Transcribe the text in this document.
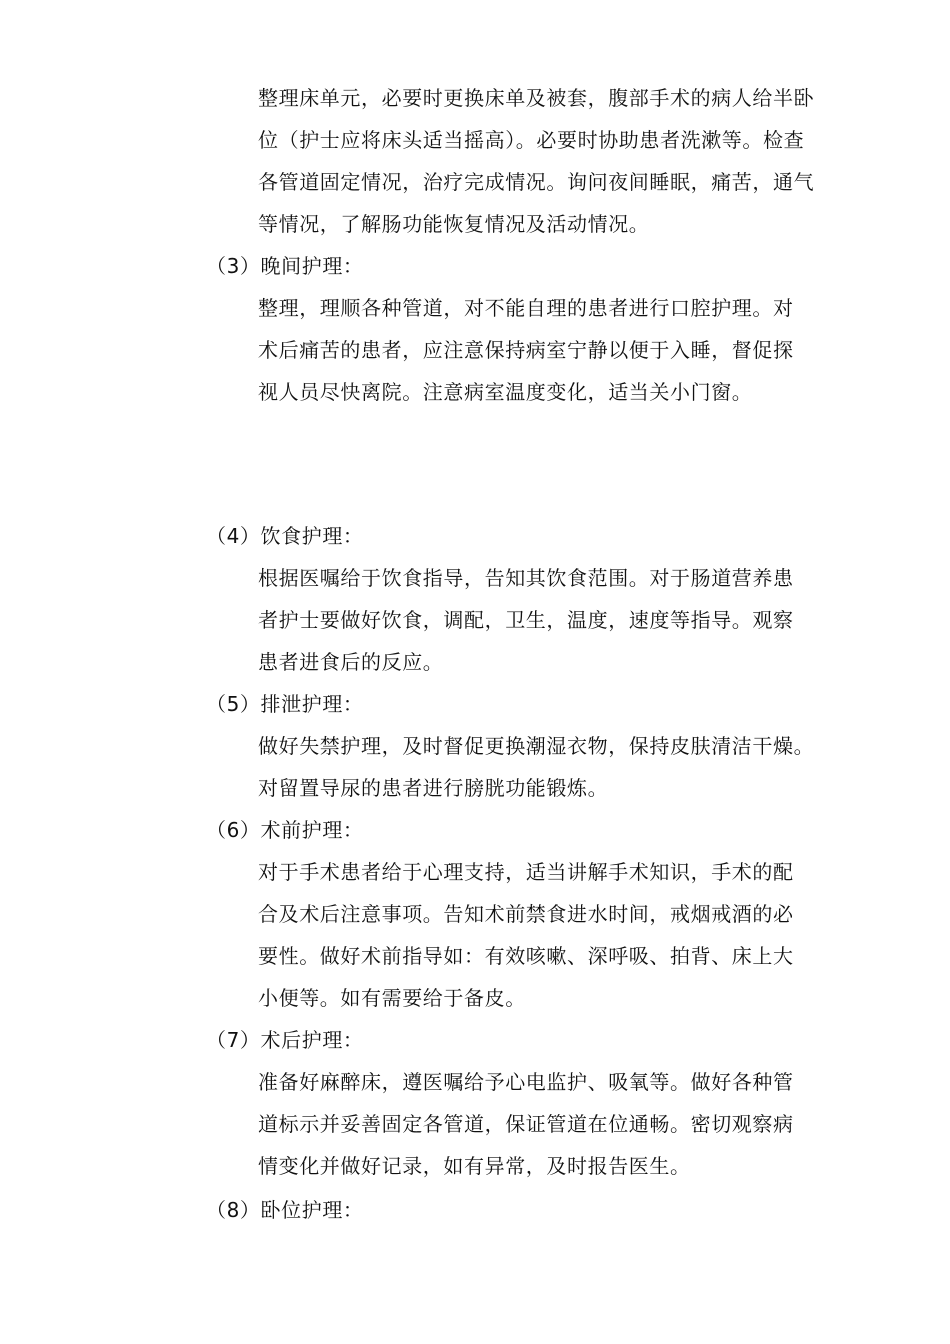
整理床单元，必要时更换床单及被套，腹部手术的病人给半卧
位（护士应将床头适当摇高）。必要时协助患者洗漱等。检查
各管道固定情况，治疗完成情况。询问夜间睡眠，痛苦，通气
等情况，了解肠功能恢复情况及活动情况。
（3）晚间护理：
整理，理顺各种管道，对不能自理的患者进行口腔护理。对
术后痛苦的患者，应注意保持病室宁静以便于入睡，督促探
视人员尽快离院。注意病室温度变化，适当关小门窗。
（4）饮食护理：
根据医嘱给于饮食指导，告知其饮食范围。对于肠道营养患
者护士要做好饮食，调配，卫生，温度，速度等指导。观察
患者进食后的反应。
（5）排泄护理：
做好失禁护理，及时督促更换潮湿衣物，保持皮肤清洁干燥。
对留置导尿的患者进行膀胱功能锻炼。
（6）术前护理：
对于手术患者给于心理支持，适当讲解手术知识，手术的配
合及术后注意事项。告知术前禁食进水时间，戒烟戒酒的必
要性。做好术前指导如：有效咳嗽、深呼吸、拍背、床上大
小便等。如有需要给于备皮。
（7）术后护理：
准备好麻醉床，遵医嘱给予心电监护、吸氧等。做好各种管
道标示并妥善固定各管道，保证管道在位通畅。密切观察病
情变化并做好记录，如有异常，及时报告医生。
（8）卧位护理：
